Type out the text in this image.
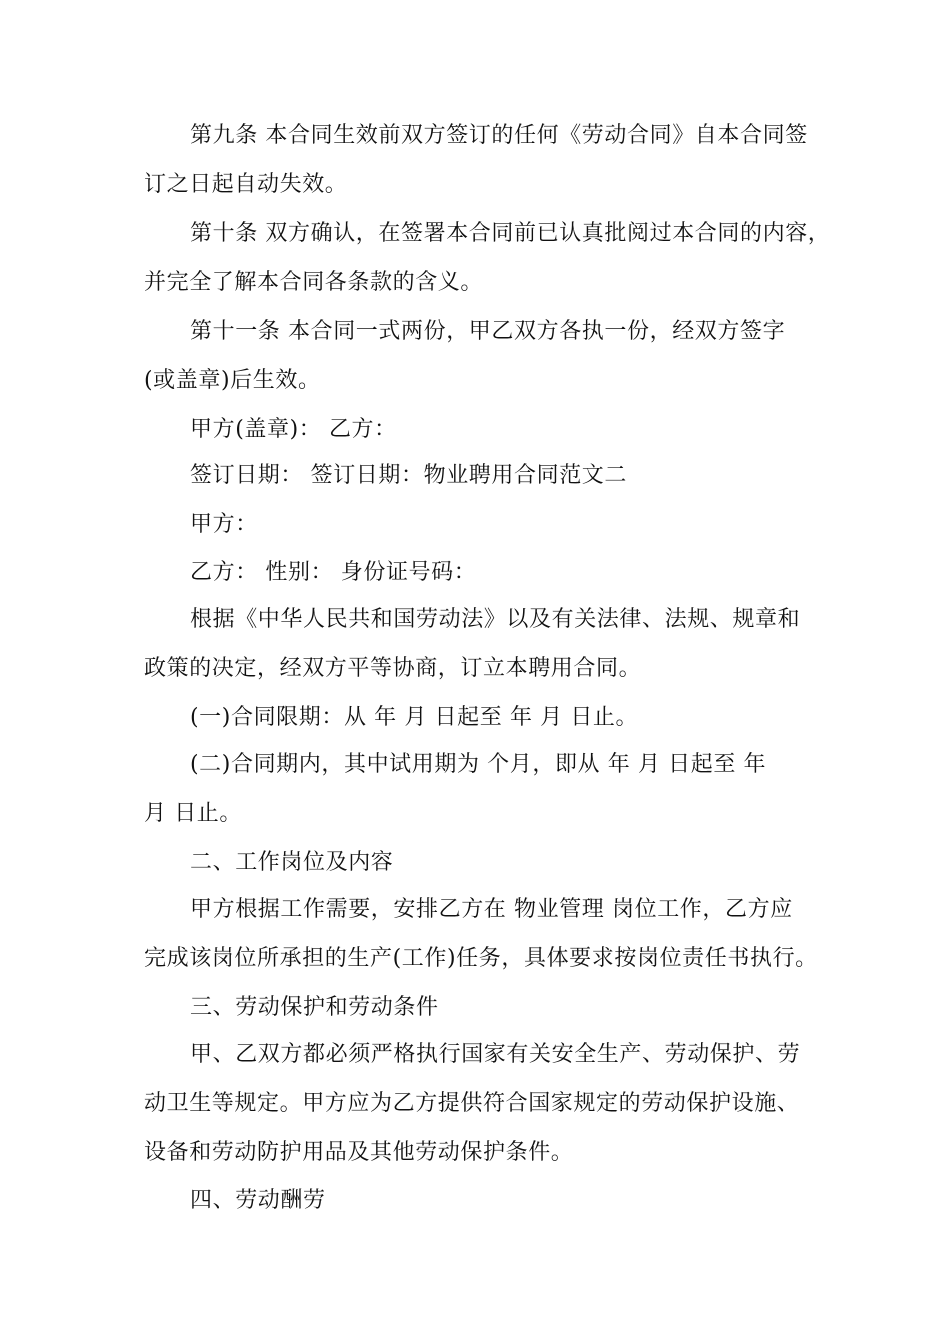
第九条 本合同生效前双方签订的任何《劳动合同》自本合同签
订之日起自动失效。
第十条 双方确认，在签署本合同前已认真批阅过本合同的内容，
并完全了解本合同各条款的含义。
第十一条 本合同一式两份，甲乙双方各执一份，经双方签字
(或盖章)后生效。
甲方(盖章)： 乙方：
签订日期： 签订日期：物业聘用合同范文二
甲方：
乙方： 性别： 身份证号码：
根据《中华人民共和国劳动法》以及有关法律、法规、规章和
政策的决定，经双方平等协商，订立本聘用合同。
(一)合同限期：从 年 月 日起至 年 月 日止。
(二)合同期内，其中试用期为 个月，即从 年 月 日起至 年
月 日止。
二、工作岗位及内容
甲方根据工作需要，安排乙方在 物业管理 岗位工作，乙方应
完成该岗位所承担的生产(工作)任务，具体要求按岗位责任书执行。
三、劳动保护和劳动条件
甲、乙双方都必须严格执行国家有关安全生产、劳动保护、劳
动卫生等规定。甲方应为乙方提供符合国家规定的劳动保护设施、
设备和劳动防护用品及其他劳动保护条件。
四、劳动酬劳
